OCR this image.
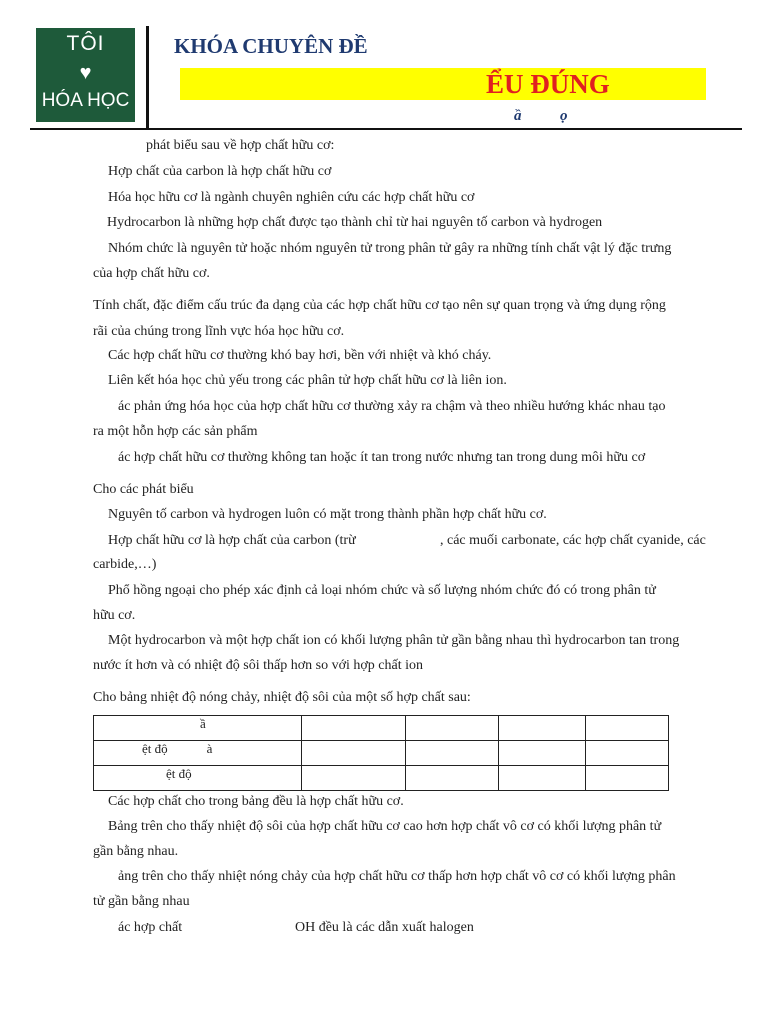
TÔI
♥
HÓA HỌC
KHÓA CHUYÊN ĐỀ
ỂU ĐÚNG
ầ	ọ
phát biểu sau về hợp chất hữu cơ:
Hợp chất của carbon là hợp chất hữu cơ
Hóa học hữu cơ là ngành chuyên nghiên cứu các hợp chất hữu cơ
Hydrocarbon là những hợp chất được tạo thành chỉ từ hai nguyên tố carbon và hydrogen
Nhóm chức là nguyên tử hoặc nhóm nguyên tử trong phân tử gây ra những tính chất vật lý đặc trưng
của hợp chất hữu cơ.
Tính chất, đặc điểm cấu trúc đa dạng của các hợp chất hữu cơ tạo nên sự quan trọng và ứng dụng rộng
rãi của chúng trong lĩnh vực hóa học hữu cơ.
Các hợp chất hữu cơ thường khó bay hơi, bền với nhiệt và khó cháy.
Liên kết hóa học chủ yếu trong các phân tử hợp chất hữu cơ là liên ion.
ác phản ứng hóa học của hợp chất hữu cơ thường xảy ra chậm và theo nhiều hướng khác nhau tạo
ra một hỗn hợp các sản phẩm
ác hợp chất hữu cơ thường không tan hoặc ít tan trong nước nhưng tan trong dung môi hữu cơ
Cho các phát biểu
Nguyên tố carbon và hydrogen luôn có mặt trong thành phần hợp chất hữu cơ.
Hợp chất hữu cơ là hợp chất của carbon (trừ	, các muối carbonate, các hợp chất cyanide, các
carbide,…)
Phổ hồng ngoại cho phép xác định cả loại nhóm chức và số lượng nhóm chức đó có trong phân tử
hữu cơ.
Một hydrocarbon và một hợp chất ion có khối lượng phân tử gần bằng nhau thì hydrocarbon tan trong
nước ít hơn và có nhiệt độ sôi thấp hơn so với hợp chất ion
Cho bảng nhiệt độ nóng chảy, nhiệt độ sôi của một số hợp chất sau:
ầ				
ệt độ            à				
ệt độ				
Các hợp chất cho trong bảng đều là hợp chất hữu cơ.
Bảng trên cho thấy nhiệt độ sôi của hợp chất hữu cơ cao hơn hợp chất vô cơ có khối lượng phân tử
gần bằng nhau.
ảng trên cho thấy nhiệt nóng chảy của hợp chất hữu cơ thấp hơn hợp chất vô cơ có khối lượng phân
tử gần bằng nhau
ác hợp chất	OH đều là các dẫn xuất halogen
